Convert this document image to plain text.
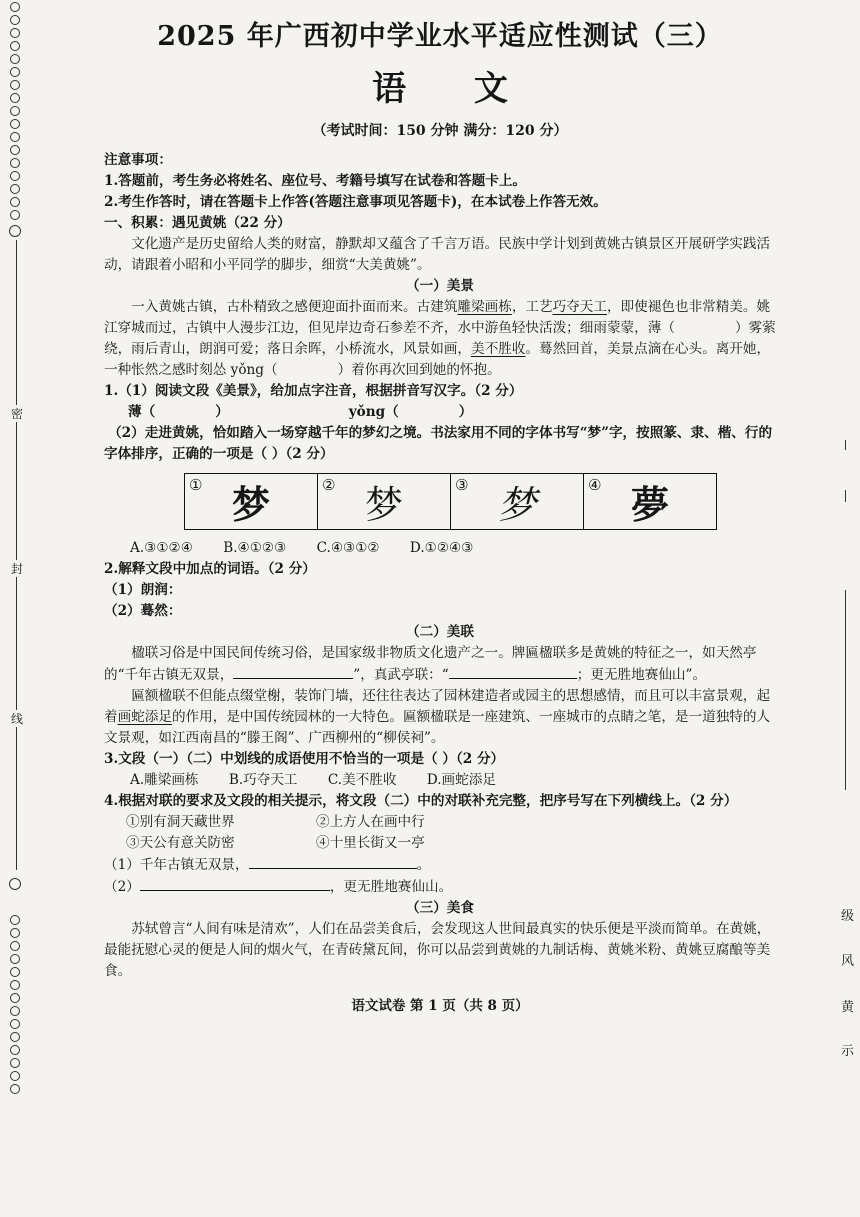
密
封
线
级
风
黄
示
2025 年广西初中学业水平适应性测试（三）
语 文
（考试时间：150 分钟 满分：120 分）

注意事项：

1.答题前，考生务必将姓名、座位号、考籍号填写在试卷和答题卡上。

2.考生作答时，请在答题卡上作答(答题注意事项见答题卡)，在本试卷上作答无效。

一、积累：遇见黄姚（22 分）

文化遗产是历史留给人类的财富，静默却又蕴含了千言万语。民族中学计划到黄姚古镇景区开展研学实践活动，请跟着小昭和小平同学的脚步，细赏“大美黄姚”。

（一）美景

一入黄姚古镇，古朴精致之感便迎面扑面而来。古建筑雕梁画栋，工艺巧夺天工，即使褪色也非常精美。姚江穿城而过，古镇中人漫步江边，但见岸边奇石参差不齐，水中游鱼轻快活泼；细雨蒙蒙，薄（	）雾萦绕，雨后青山，朗润可爱；落日余晖，小桥流水，风景如画，美不胜收。蓦然回首，美景点滴在心头。离开她，一种怅然之感时刻怂 yǒng（	）着你再次回到她的怀抱。

1.（1）阅读文段《美景》，给加点字注音，根据拼音写汉字。（2 分）

薄（	）	yǒng（	）

（2）走进黄姚，恰如踏入一场穿越千年的梦幻之境。书法家用不同的字体书写“梦”字，按照篆、隶、楷、行的字体排序，正确的一项是（ ）（2 分）

① 梦	② 梦	③ 梦	④ 夢

A.③①②④ B.④①②③ C.④③①② D.①②④③

2.解释文段中加点的词语。（2 分）

（1）朗润：

（2）蓦然：

（二）美联

楹联习俗是中国民间传统习俗，是国家级非物质文化遗产之一。牌匾楹联多是黄姚的特征之一，如天然亭的“千年古镇无双景，	”，真武亭联：“	；更无胜地赛仙山”。

匾额楹联不但能点缀堂榭，装饰门墙，还往往表达了园林建造者或园主的思想感情，而且可以丰富景观，起着画蛇添足的作用，是中国传统园林的一大特色。匾额楹联是一座建筑、一座城市的点睛之笔，是一道独特的人文景观，如江西南昌的“滕王阁”、广西柳州的“柳侯祠”。

3.文段（一）（二）中划线的成语使用不恰当的一项是（ ）（2 分）

A.雕梁画栋 B.巧夺天工 C.美不胜收 D.画蛇添足

4.根据对联的要求及文段的相关提示，将文段（二）中的对联补充完整，把序号写在下列横线上。（2 分）

①别有洞天藏世界	②上方人在画中行
③天公有意关防密	④十里长街又一亭

（1）千年古镇无双景，	。

（2）	，更无胜地赛仙山。

（三）美食

苏轼曾言“人间有味是清欢”，人们在品尝美食后，会发现这人世间最真实的快乐便是平淡而简单。在黄姚，最能抚慰心灵的便是人间的烟火气，在青砖黛瓦间，你可以品尝到黄姚的九制话梅、黄姚米粉、黄姚豆腐酿等美食。

语文试卷 第 1 页（共 8 页）
